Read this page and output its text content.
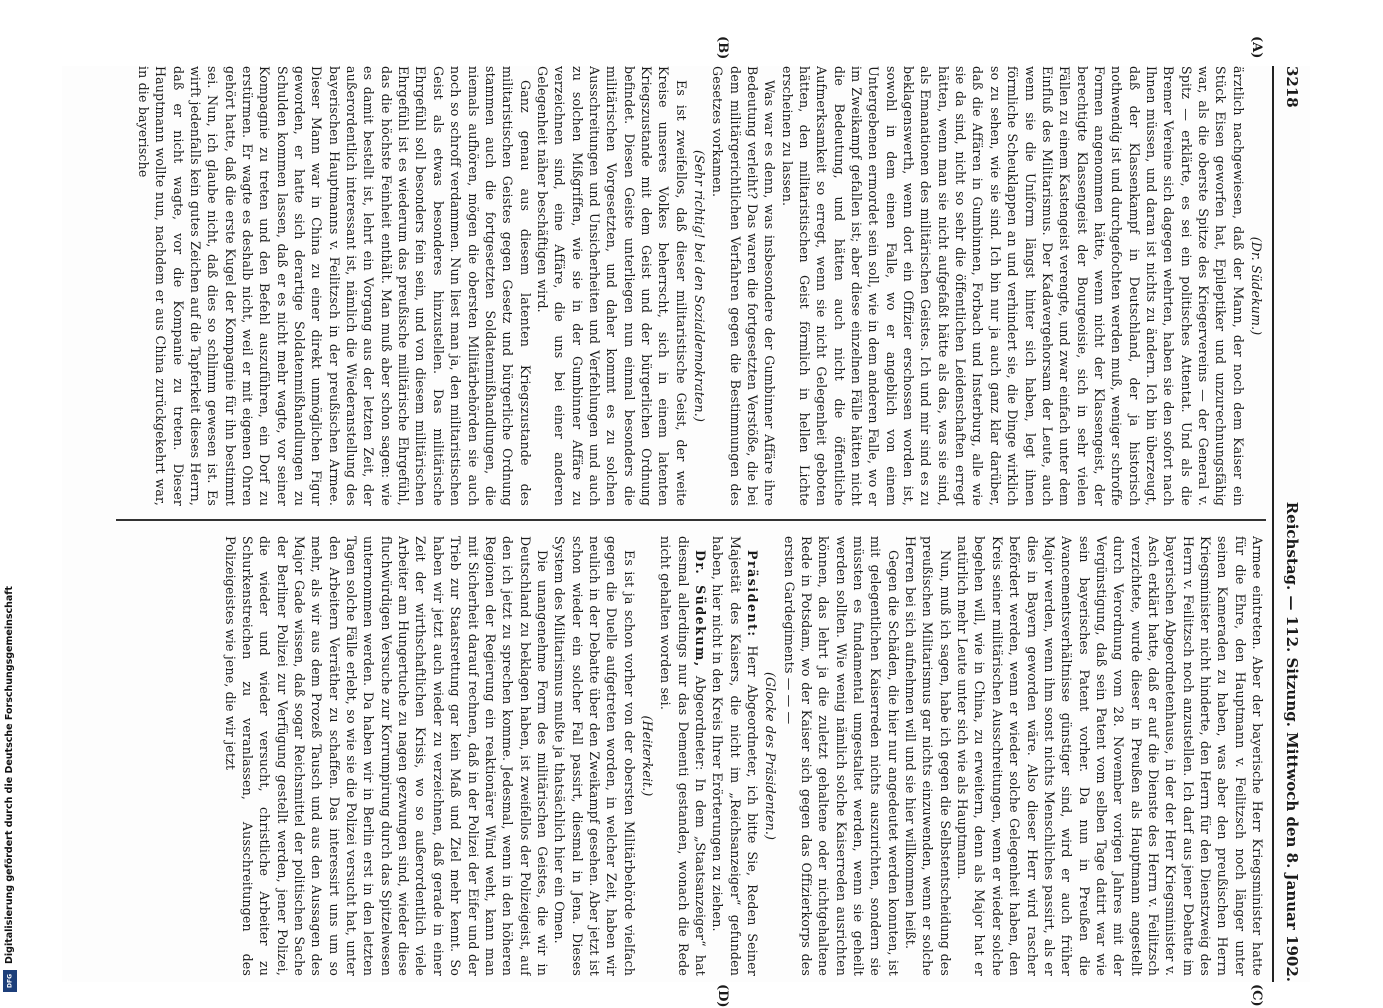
Digitalisierung gefördert durch die Deutsche Forschungsgemeinschaft
DFG
3218
Reichstag. — 112. Sitzung. Mittwoch den 8. Januar 1902.
(Dr. Südekum.)

ärztlich nachgewiesen, daß der Mann, der noch dem Kaiser ein Stück Eisen geworfen hat, Epileptiker und unzurechnungsfähig war, als die oberste Spitze des Kriegervereins — der General v. Spitz — erklärte, es sei ein politisches Attentat. Und als die Bremer Vereine sich dagegen wehrten, haben sie den sofort nach Ihnen müssen, und daran ist nichts zu ändern. Ich bin überzeugt, daß der Klassenkampf in Deutschland, der ja historisch nothwendig ist und durchgefochten werden muß, weniger schroffe Formen angenommen hätte, wenn nicht der Klassengeist, der berechtigte Klassengeist der Bourgeoisie, sich in sehr vielen Fällen zu einem Kastengeist verengte, und zwar einfach unter dem Einfluß des Militarismus. Der Kadavergehorsam der Leute, auch wenn sie die Uniform längst hinter sich haben, legt ihnen förmliche Scheuklappen an und verhindert sie, die Dinge wirklich so zu sehen, wie sie sind. Ich bin nur ja auch ganz klar darüber, daß die Affären in Gumbinnen, Forbach und Insterburg, alle wie sie da sind, nicht so sehr die öffentlichen Leidenschaften erregt hätten, wenn man sie nicht aufgefaßt hätte als das, was sie sind, als Emanationen des militärischen Geistes. Ich und mir sind es zu beklagenswerth, wenn dort ein Offizier erschossen worden ist, sowohl in dem einen Falle, wo er angeblich von einem Untergebenen ermordet sein soll, wie in dem anderen Falle, wo er im Zweikampf gefallen ist; aber diese einzelnen Fälle hätten nicht die Bedeutung, und hätten auch nicht die öffentliche Aufmerksamkeit so erregt, wenn sie nicht Gelegenheit geboten hätten, den militaristischen Geist förmlich in hellen Lichte erscheinen zu lassen.

Was war es denn, was insbesondere der Gumbinner Affäre ihre Bedeutung verleiht? Das waren die fortgesetzten Verstöße, die bei dem militärgerichtlichen Verfahren gegen die Bestimmungen des Gesetzes vorkamen.

(Sehr richtig! bei den Sozialdemokraten.)

Es ist zweifellos, daß dieser militaristische Geist, der weite Kreise unseres Volkes beherrscht, sich in einem latenten Kriegszustande mit dem Geist und der bürgerlichen Ordnung befindet. Diesen Geiste unterliegen nun einmal besonders die militärischen Vorgesetzten, und daher kommt es zu solchen Ausschreitungen und Unsicherheiten und Verfehlungen und auch zu solchen Mißgriffen, wie sie in der Gumbinner Affäre zu verzeichnen sind, eine Affäre, die uns bei einer anderen Gelegenheit näher beschäftigen wird.

Ganz genau aus diesem latenten Kriegszustande des militaristischen Geistes gegen Gesetz und bürgerliche Ordnung stammen auch die fortgesetzten Soldatenmißhandlungen, die niemals aufhören, mögen die obersten Militärbehörden sie auch noch so schroff verdammen. Nun liest man ja, den militaristischen Geist als etwas besonderes hinzustellen. Das militärische Ehrgefühl soll besonders fein sein, und von diesem militärischen Ehrgefühl ist es wiederum das preußische militärische Ehrgefühl, das die höchste Feinheit enthält. Man muß aber schon sagen: wie es damit bestellt ist, lehrt ein Vorgang aus der letzten Zeit, der außerordentlich interessant ist, nämlich die Wiederanstellung des bayerischen Hauptmanns v. Feilitzsch in der preußischen Armee. Dieser Mann war in China zu einer direkt unmöglichen Figur geworden, er hatte sich derartige Soldatenmißhandlungen zu Schulden kommen lassen, daß er es nicht mehr wagte, vor seiner Kompagnie zu treten und den Befehl auszuführen, ein Dorf zu erstürmen. Er wagte es deshalb nicht, weil er mit eigenen Ohren gehört hatte, daß die erste Kugel der Kompagnie für ihn bestimmt sei. Nun, ich glaube nicht, daß dies so schlimm gewesen ist. Es wirft jedenfalls kein gutes Zeichen auf die Tapferkeit dieses Herrn, daß er nicht wagte, vor die Kompanie zu treten. Dieser Hauptmann wollte nun, nachdem er aus China zurückgekehrt war, in die bayerische

Armee eintreten. Aber der bayerische Herr Kriegsminister hatte für die Ehre, den Hauptmann v. Feilitzsch noch länger unter seinen Kameraden zu haben, was aber den preußischen Herrn Kriegsminister nicht hinderte, den Herrn für den Dienstzweig des Herrn v. Feilitzsch noch anzustellen. Ich darf aus jener Debatte im bayerischen Abgeordnetenhause, in der der Herr Kriegsminister v. Asch erklärt hatte, daß er auf die Dienste des Herrn v. Feilitzsch verzichtete, wurde dieser in Preußen als Hauptmann angestellt durch Verordnung vom 28. November vorigen Jahres mit der Vergünstigung, daß sein Patent vom selben Tage datirt war wie sein bayerisches Patent vorher. Da nun in Preußen die Avancementsverhältnisse günstiger sind, wird er auch früher Major werden, wenn ihm sonst nichts Menschliches passirt, als er dies in Bayern geworden wäre. Also dieser Herr wird rascher befördert werden, wenn er wieder solche Gelegenheit haben, den Kreis seiner militärischen Ausschreitungen, wenn er wieder solche begehen will, wie in China, zu erweitern, denn als Major hat er natürlich mehr Leute unter sich wie als Hauptmann.

Nun, muß ich sagen, habe ich gegen die Selbstentscheidung des preußischen Militarismus gar nichts einzuwenden, wenn er solche Herren bei sich aufnehmen will und sie hier willkommen heißt.

Gegen die Schäden, die hier nur angedeutet werden konnten, ist mit gelegentlichen Kaiserreden nichts auszurichten, sondern sie müssten es fundamental umgestaltet werden, wenn sie geheilt werden sollten. Wie wenig nämlich solche Kaiserreden ausrichten können, das lehrt ja die zuletzt gehaltene oder nichtgehaltene Rede in Potsdam, wo der Kaiser sich gegen das Offizierkorps des ersten Gardegiments — — —

(Glocke des Präsidenten.)

Präsident: Herr Abgeordneter, ich bitte Sie, Reden Seiner Majestät des Kaisers, die nicht im „Reichsanzeiger“ gefunden haben, hier nicht in den Kreis Ihrer Erörterungen zu ziehen.

Dr. Südekum, Abgeordneter: In dem „Staatsanzeiger“ hat diesmal allerdings nur das Dementi gestanden, wonach die Rede nicht gehalten worden sei.

(Heiterkeit.)

Es ist ja schon vorher von der obersten Militärbehörde vielfach gegen die Duelle aufgetreten worden, in welcher Zeit, haben wir neulich in der Debatte über den Zweikampf gesehen. Aber jetzt ist schon wieder ein solcher Fall passirt, diesmal in Jena. Dieses System des Militarismus mußte ja thatsächlich hier ein Omen.

Die unangenehme Form des militärischen Geistes, die wir in Deutschland zu beklagen haben, ist zweifellos der Polizeigeist, auf den ich jetzt zu sprechen komme. Jedesmal, wenn in den höheren Regionen der Regierung ein reaktionärer Wind weht, kann man mit Sicherheit darauf rechnen, daß in der Polizei der Eifer und der Trieb zur Staatsrettung gar kein Maß und Ziel mehr kennt. So haben wir jetzt auch wieder zu verzeichnen, daß gerade in einer Zeit der wirthschaftlichen Krisis, wo so außerordentlich viele Arbeiter am Hungertuche zu nagen gezwungen sind, wieder diese fluchwürdigen Versuche zur Korrumpirung durch das Spitzelwesen unternommen werden. Da haben wir in Berlin erst in den letzten Tagen solche Fälle erlebt, so wie sie die Polizei versucht hat, unter den Arbeitern Verräther zu schaffen. Das interessirt uns um so mehr, als wir aus dem Prozeß Tausch und aus den Aussagen des Major Gade wissen, daß sogar Reichsmittel der politischen Sache der Berliner Polizei zur Verfügung gestellt werden, jener Polizei, die wieder und wieder versucht, christliche Arbeiter zu Schurkenstreichen zu veranlassen, Ausschreitungen des Polizeigeistes wie jene, die wir jetzt

(A)
(B)
(C)
(D)
